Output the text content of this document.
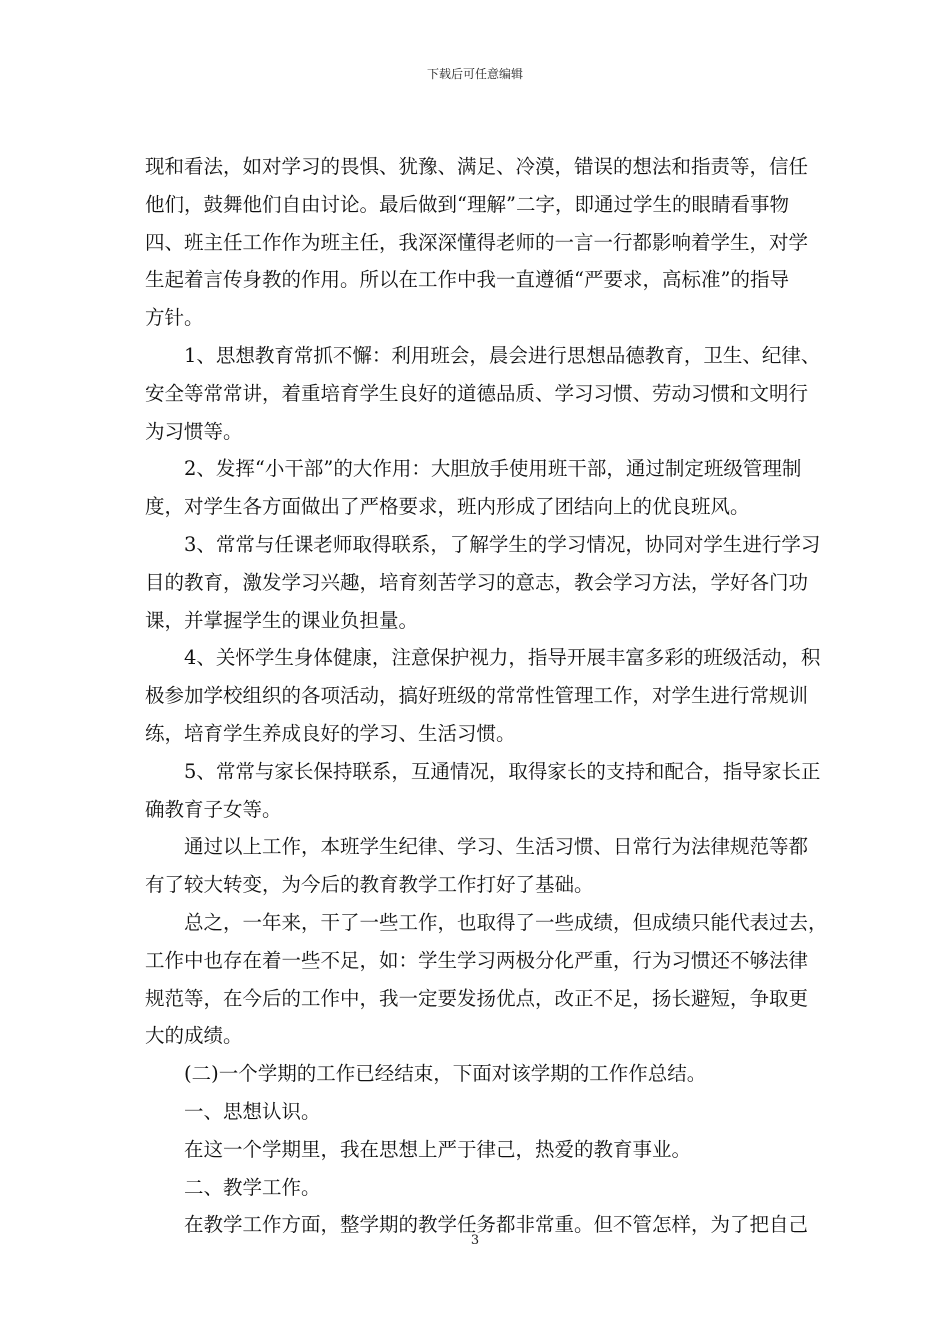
下载后可任意编辑
现和看法，如对学习的畏惧、犹豫、满足、冷漠，错误的想法和指责等，信任
他们，鼓舞他们自由讨论。最后做到“理解”二字，即通过学生的眼睛看事物
四、班主任工作作为班主任，我深深懂得老师的一言一行都影响着学生，对学
生起着言传身教的作用。所以在工作中我一直遵循“严要求，高标准”的指导
方针。
1、思想教育常抓不懈：利用班会，晨会进行思想品德教育，卫生、纪律、
安全等常常讲，着重培育学生良好的道德品质、学习习惯、劳动习惯和文明行
为习惯等。
2、发挥“小干部”的大作用：大胆放手使用班干部，通过制定班级管理制
度，对学生各方面做出了严格要求，班内形成了团结向上的优良班风。
3、常常与任课老师取得联系，了解学生的学习情况，协同对学生进行学习
目的教育，激发学习兴趣，培育刻苦学习的意志，教会学习方法，学好各门功
课，并掌握学生的课业负担量。
4、关怀学生身体健康，注意保护视力，指导开展丰富多彩的班级活动，积
极参加学校组织的各项活动，搞好班级的常常性管理工作，对学生进行常规训
练，培育学生养成良好的学习、生活习惯。
5、常常与家长保持联系，互通情况，取得家长的支持和配合，指导家长正
确教育子女等。
通过以上工作，本班学生纪律、学习、生活习惯、日常行为法律规范等都
有了较大转变，为今后的教育教学工作打好了基础。
总之，一年来，干了一些工作，也取得了一些成绩，但成绩只能代表过去，
工作中也存在着一些不足，如：学生学习两极分化严重，行为习惯还不够法律
规范等，在今后的工作中，我一定要发扬优点，改正不足，扬长避短，争取更
大的成绩。
(二)一个学期的工作已经结束，下面对该学期的工作作总结。
一、思想认识。
在这一个学期里，我在思想上严于律己，热爱的教育事业。
二、教学工作。
在教学工作方面，整学期的教学任务都非常重。但不管怎样，为了把自己
3
